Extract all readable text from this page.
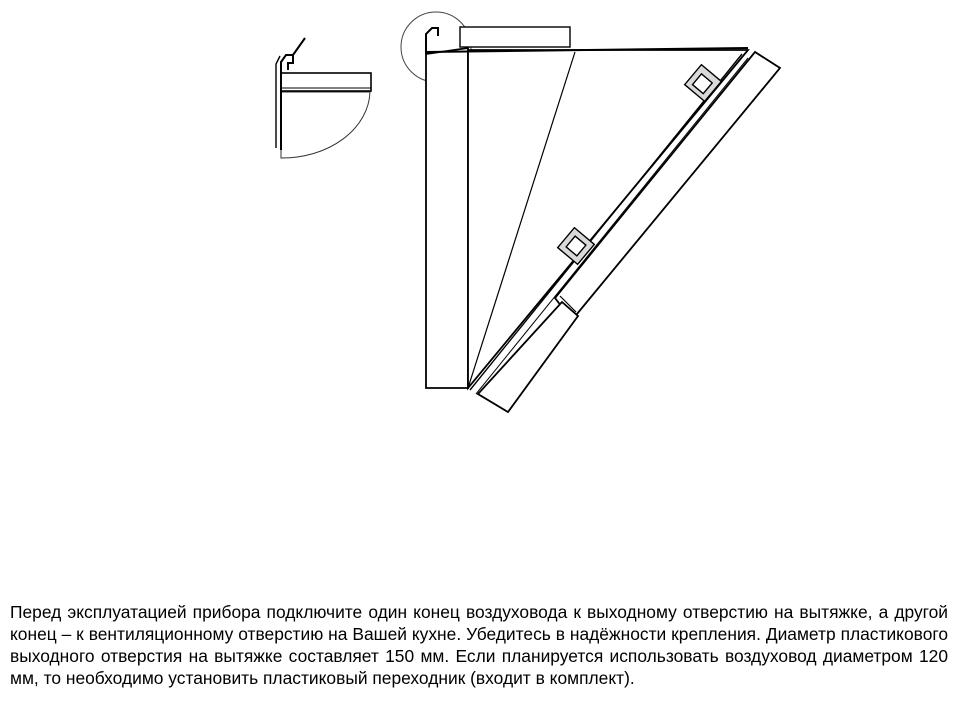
Перед эксплуатацией прибора подключите один конец воздуховода к выходному отверстию на вытяжке, а другой конец – к вентиляционному отверстию на Вашей кухне. Убедитесь в надёжности крепления. Диаметр пластикового выходного отверстия на вытяжке составляет 150 мм. Если планируется использовать воздуховод диаметром 120 мм, то необходимо установить пластиковый переходник (входит в комплект).
